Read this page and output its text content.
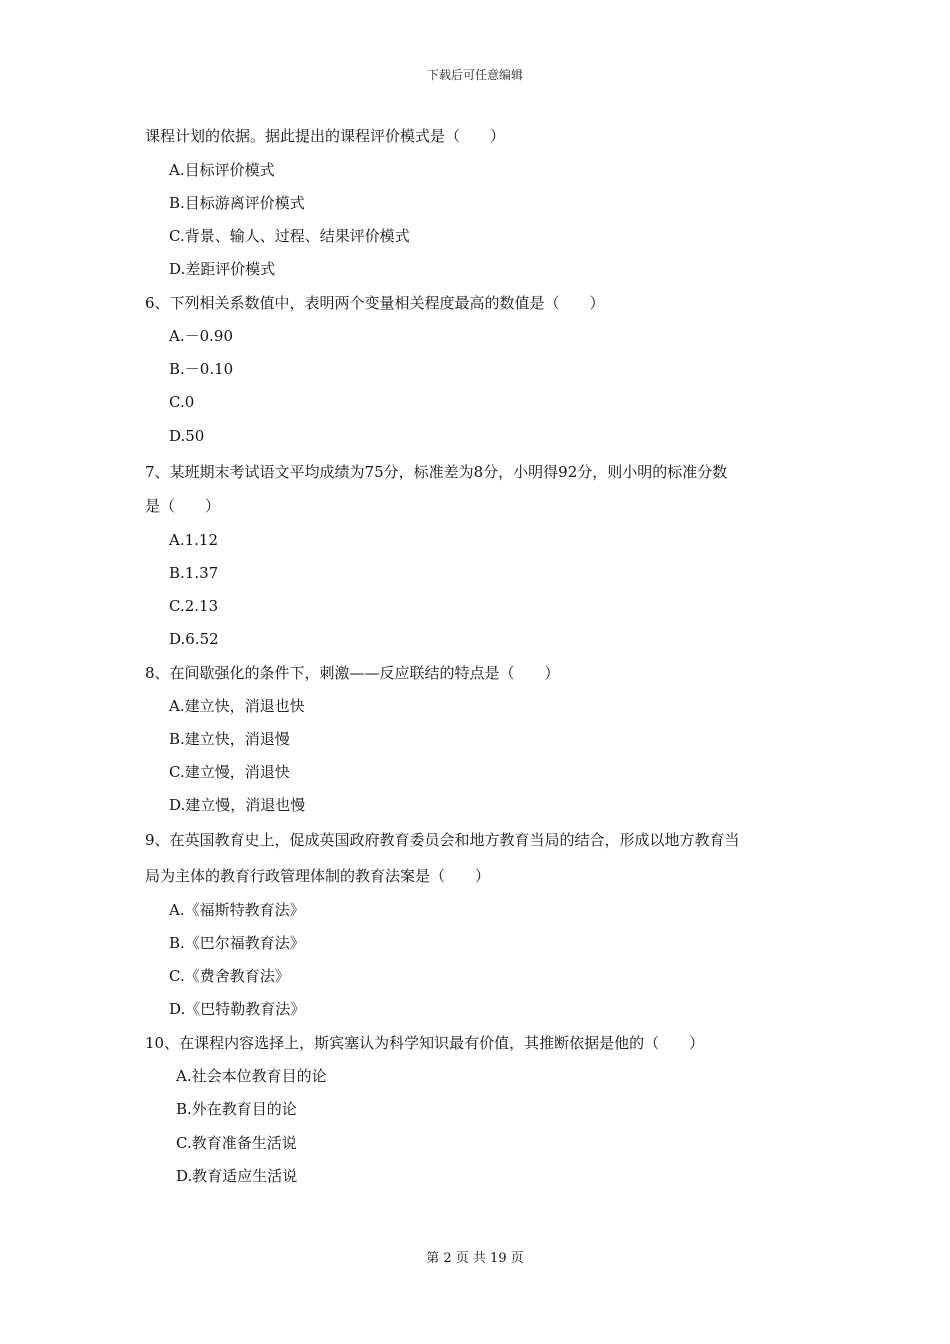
下载后可任意编辑
课程计划的依据。据此提出的课程评价模式是（　　）
A.目标评价模式
B.目标游离评价模式
C.背景、输人、过程、结果评价模式
D.差距评价模式
6、下列相关系数值中，表明两个变量相关程度最高的数值是（　　）
A.－0.90
B.－0.10
C.0
D.50
7、某班期末考试语文平均成绩为75分，标准差为8分，小明得92分，则小明的标准分数
是（　　）
A.1.12
B.1.37
C.2.13
D.6.52
8、在间歇强化的条件下，刺激——反应联结的特点是（　　）
A.建立快，消退也快
B.建立快，消退慢
C.建立慢，消退快
D.建立慢，消退也慢
9、在英国教育史上，促成英国政府教育委员会和地方教育当局的结合，形成以地方教育当
局为主体的教育行政管理体制的教育法案是（　　）
A.《福斯特教育法》
B.《巴尔福教育法》
C.《费舍教育法》
D.《巴特勒教育法》
10、在课程内容选择上，斯宾塞认为科学知识最有价值，其推断依据是他的（　　）
A.社会本位教育目的论
B.外在教育目的论
C.教育准备生活说
D.教育适应生活说
第 2 页 共 19 页
